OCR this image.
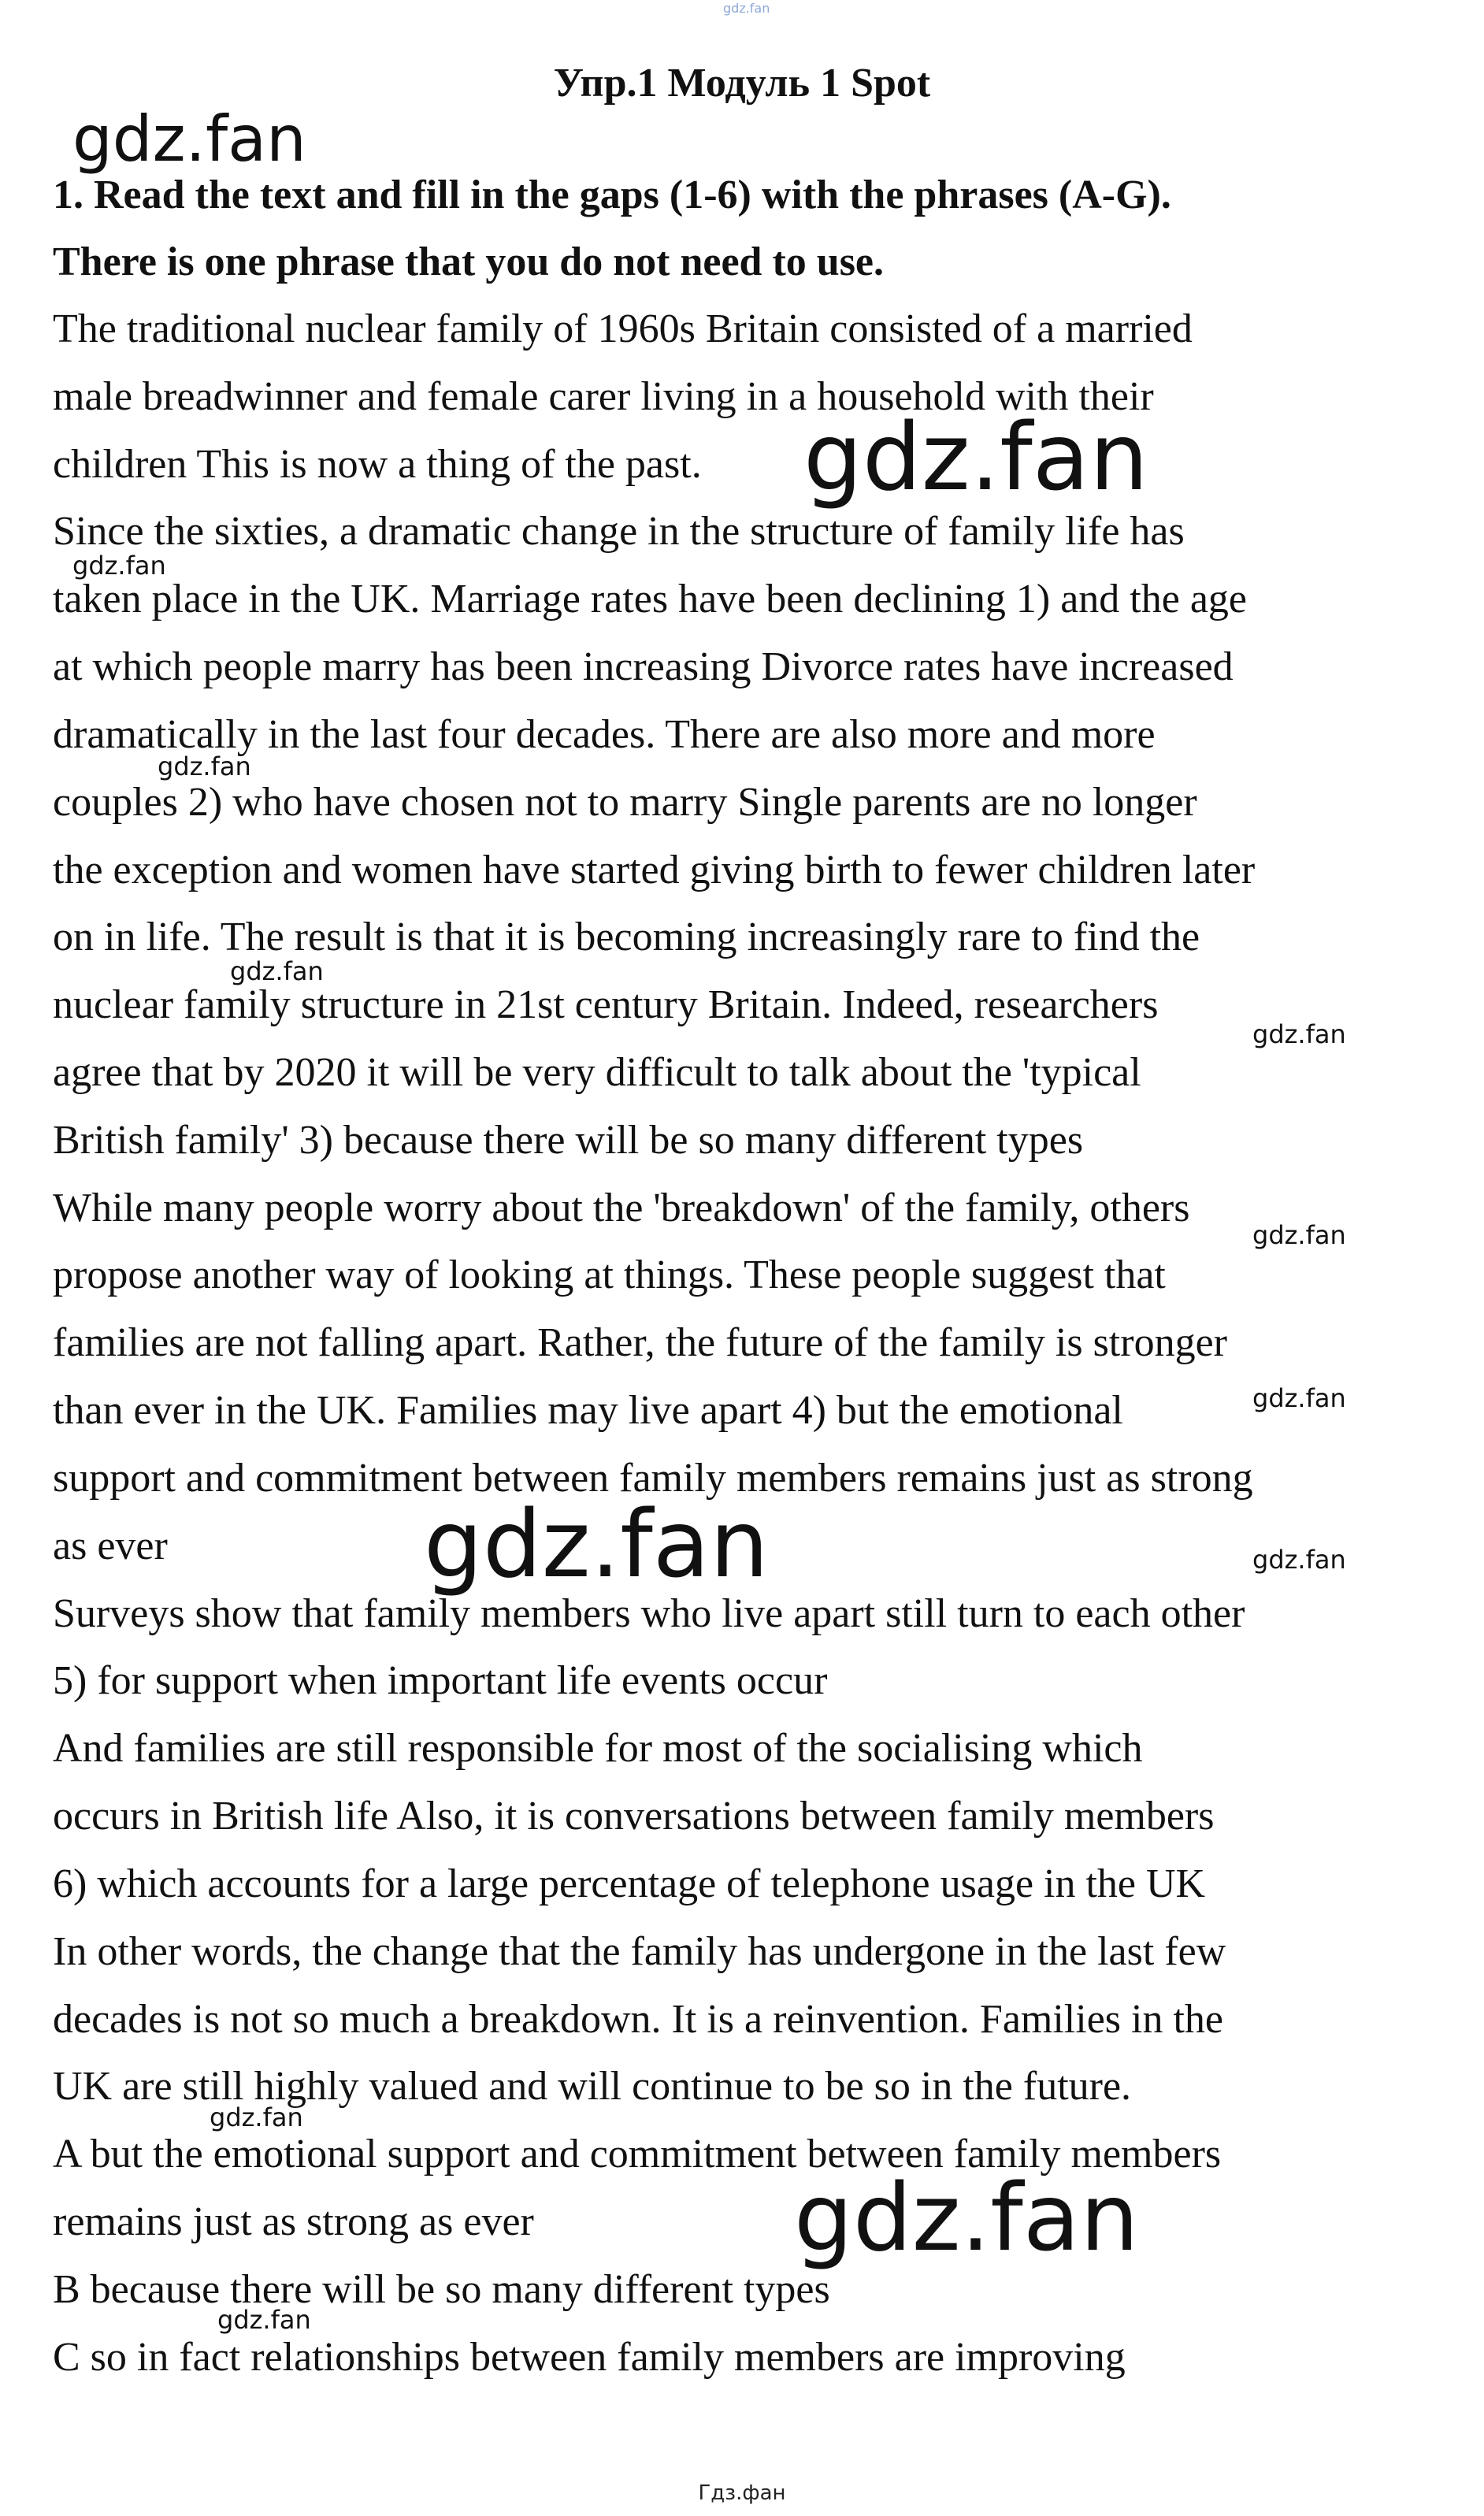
gdz.fan
Упр.1 Модуль 1 Spot
1. Read the text and fill in the gaps (1-6) with the phrases (A-G).
There is one phrase that you do not need to use.
The traditional nuclear family of 1960s Britain consisted of a married
male breadwinner and female carer living in a household with their
children This is now a thing of the past.
Since the sixties, a dramatic change in the structure of family life has
taken place in the UK. Marriage rates have been declining 1) and the age
at which people marry has been increasing Divorce rates have increased
dramatically in the last four decades. There are also more and more
couples 2) who have chosen not to marry Single parents are no longer
the exception and women have started giving birth to fewer children later
on in life. The result is that it is becoming increasingly rare to find the
nuclear family structure in 21st century Britain. Indeed, researchers
agree that by 2020 it will be very difficult to talk about the 'typical
British family' 3) because there will be so many different types
While many people worry about the 'breakdown' of the family, others
propose another way of looking at things. These people suggest that
families are not falling apart. Rather, the future of the family is stronger
than ever in the UK. Families may live apart 4) but the emotional
support and commitment between family members remains just as strong
as ever
Surveys show that family members who live apart still turn to each other
5) for support when important life events occur
And families are still responsible for most of the socialising which
occurs in British life Also, it is conversations between family members
6) which accounts for a large percentage of telephone usage in the UK
In other words, the change that the family has undergone in the last few
decades is not so much a breakdown. It is a reinvention. Families in the
UK are still highly valued and will continue to be so in the future.
A but the emotional support and commitment between family members
remains just as strong as ever
B because there will be so many different types
C so in fact relationships between family members are improving
gdz.fan
gdz.fan
gdz.fan
gdz.fan
gdz.fan
gdz.fan
gdz.fan
gdz.fan
gdz.fan	gdz.fan
gdz.fan
gdz.fan
gdz.fan
Гдз.фан
